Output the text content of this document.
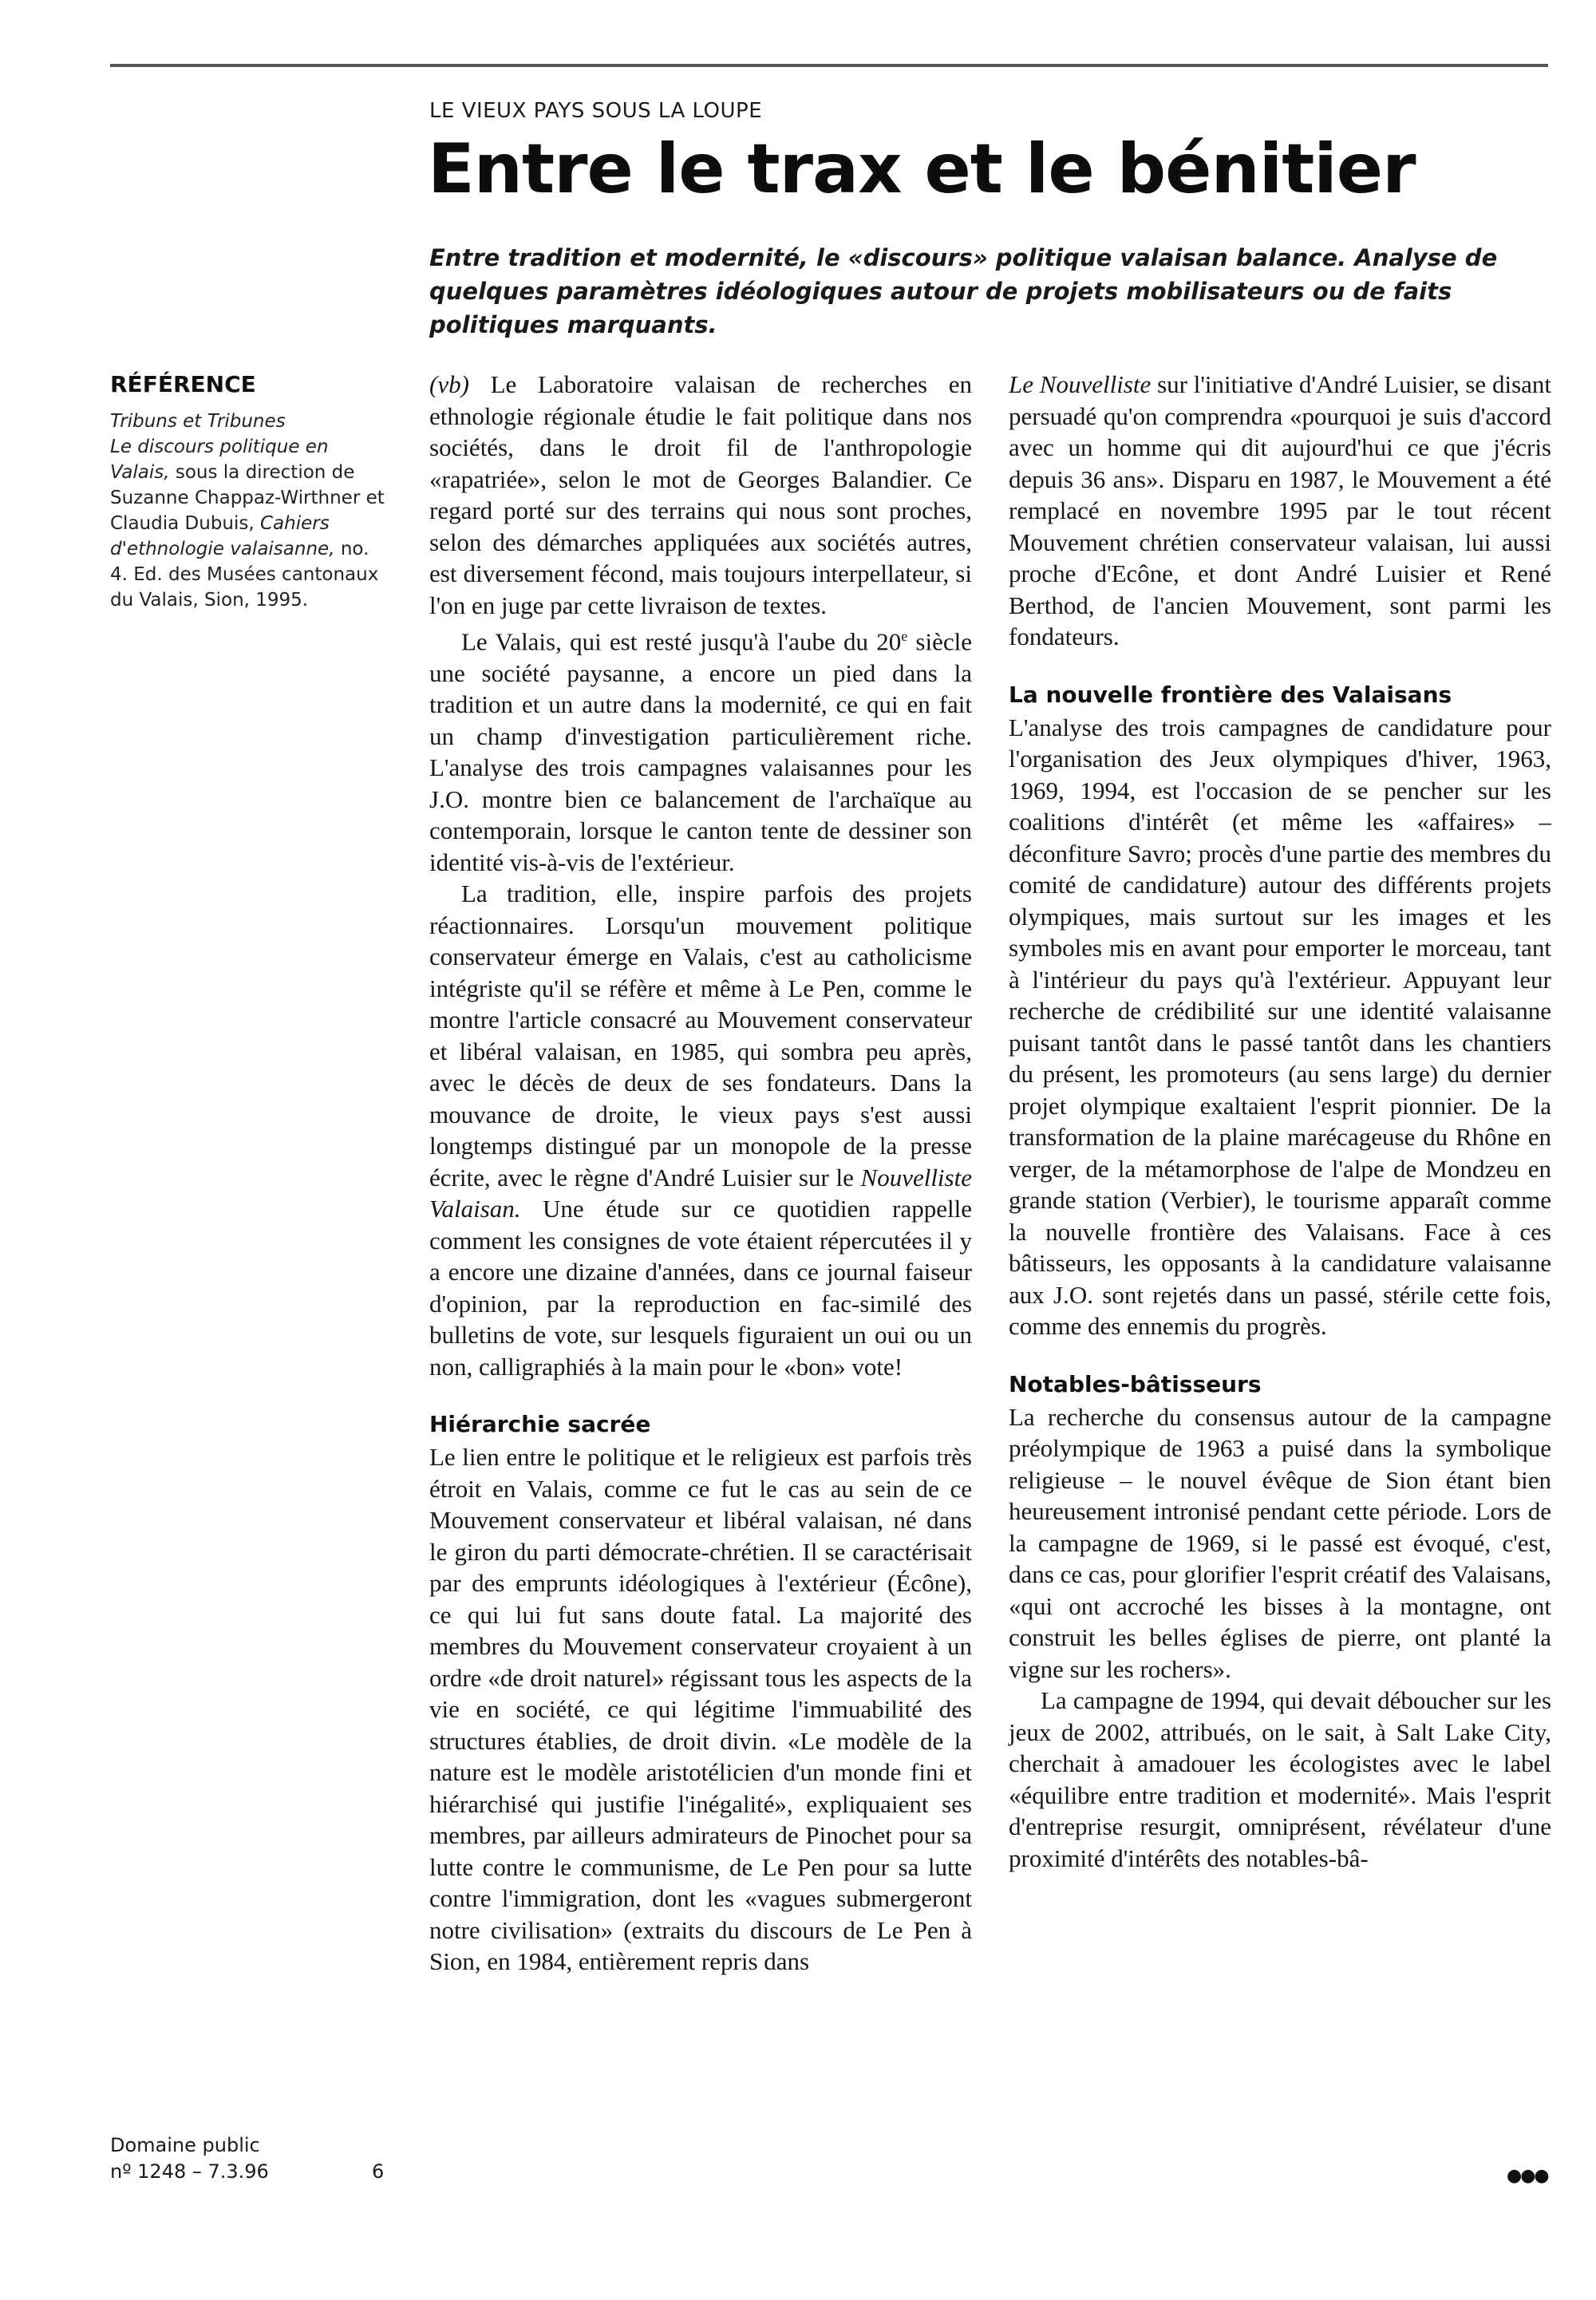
LE VIEUX PAYS SOUS LA LOUPE
Entre le trax et le bénitier

Entre tradition et modernité, le «discours» politique valaisan balance. Analyse de quelques paramètres idéologiques autour de projets mobilisateurs ou de faits politiques marquants.

RÉFÉRENCE

Tribuns et Tribunes
Le discours politique en Valais, sous la direction de Suzanne Chappaz-Wirthner et Claudia Dubuis, Cahiers d'ethnologie valaisanne, no. 4. Ed. des Musées cantonaux du Valais, Sion, 1995.

(vb) Le Laboratoire valaisan de recherches en ethnologie régionale étudie le fait politique dans nos sociétés, dans le droit fil de l'anthropologie «rapatriée», selon le mot de Georges Balandier. Ce regard porté sur des terrains qui nous sont proches, selon des démarches appliquées aux sociétés autres, est diversement fécond, mais toujours interpellateur, si l'on en juge par cette livraison de textes.

Le Valais, qui est resté jusqu'à l'aube du 20e siècle une société paysanne, a encore un pied dans la tradition et un autre dans la modernité, ce qui en fait un champ d'investigation particulièrement riche. L'analyse des trois campagnes valaisannes pour les J.O. montre bien ce balancement de l'archaïque au contemporain, lorsque le canton tente de dessiner son identité vis-à-vis de l'extérieur.

La tradition, elle, inspire parfois des projets réactionnaires. Lorsqu'un mouvement politique conservateur émerge en Valais, c'est au catholicisme intégriste qu'il se réfère et même à Le Pen, comme le montre l'article consacré au Mouvement conservateur et libéral valaisan, en 1985, qui sombra peu après, avec le décès de deux de ses fondateurs. Dans la mouvance de droite, le vieux pays s'est aussi longtemps distingué par un monopole de la presse écrite, avec le règne d'André Luisier sur le Nouvelliste Valaisan. Une étude sur ce quotidien rappelle comment les consignes de vote étaient répercutées il y a encore une dizaine d'années, dans ce journal faiseur d'opinion, par la reproduction en fac-similé des bulletins de vote, sur lesquels figuraient un oui ou un non, calligraphiés à la main pour le «bon» vote!

Hiérarchie sacrée

Le lien entre le politique et le religieux est parfois très étroit en Valais, comme ce fut le cas au sein de ce Mouvement conservateur et libéral valaisan, né dans le giron du parti démocrate-chrétien. Il se caractérisait par des emprunts idéologiques à l'extérieur (Écône), ce qui lui fut sans doute fatal. La majorité des membres du Mouvement conservateur croyaient à un ordre «de droit naturel» régissant tous les aspects de la vie en société, ce qui légitime l'immuabilité des structures établies, de droit divin. «Le modèle de la nature est le modèle aristotélicien d'un monde fini et hiérarchisé qui justifie l'inégalité», expliquaient ses membres, par ailleurs admirateurs de Pinochet pour sa lutte contre le communisme, de Le Pen pour sa lutte contre l'immigration, dont les «vagues submergeront notre civilisation» (extraits du discours de Le Pen à Sion, en 1984, entièrement repris dans

Le Nouvelliste sur l'initiative d'André Luisier, se disant persuadé qu'on comprendra «pourquoi je suis d'accord avec un homme qui dit aujourd'hui ce que j'écris depuis 36 ans». Disparu en 1987, le Mouvement a été remplacé en novembre 1995 par le tout récent Mouvement chrétien conservateur valaisan, lui aussi proche d'Ecône, et dont André Luisier et René Berthod, de l'ancien Mouvement, sont parmi les fondateurs.

La nouvelle frontière des Valaisans

L'analyse des trois campagnes de candidature pour l'organisation des Jeux olympiques d'hiver, 1963, 1969, 1994, est l'occasion de se pencher sur les coalitions d'intérêt (et même les «affaires» – déconfiture Savro; procès d'une partie des membres du comité de candidature) autour des différents projets olympiques, mais surtout sur les images et les symboles mis en avant pour emporter le morceau, tant à l'intérieur du pays qu'à l'extérieur. Appuyant leur recherche de crédibilité sur une identité valaisanne puisant tantôt dans le passé tantôt dans les chantiers du présent, les promoteurs (au sens large) du dernier projet olympique exaltaient l'esprit pionnier. De la transformation de la plaine marécageuse du Rhône en verger, de la métamorphose de l'alpe de Mondzeu en grande station (Verbier), le tourisme apparaît comme la nouvelle frontière des Valaisans. Face à ces bâtisseurs, les opposants à la candidature valaisanne aux J.O. sont rejetés dans un passé, stérile cette fois, comme des ennemis du progrès.

Notables-bâtisseurs

La recherche du consensus autour de la campagne préolympique de 1963 a puisé dans la symbolique religieuse – le nouvel évêque de Sion étant bien heureusement intronisé pendant cette période. Lors de la campagne de 1969, si le passé est évoqué, c'est, dans ce cas, pour glorifier l'esprit créatif des Valaisans, «qui ont accroché les bisses à la montagne, ont construit les belles églises de pierre, ont planté la vigne sur les rochers».

La campagne de 1994, qui devait déboucher sur les jeux de 2002, attribués, on le sait, à Salt Lake City, cherchait à amadouer les écologistes avec le label «équilibre entre tradition et modernité». Mais l'esprit d'entreprise resurgit, omniprésent, révélateur d'une proximité d'intérêts des notables-bâ-

Domaine public
nº 1248 – 7.3.96	6	●●●
